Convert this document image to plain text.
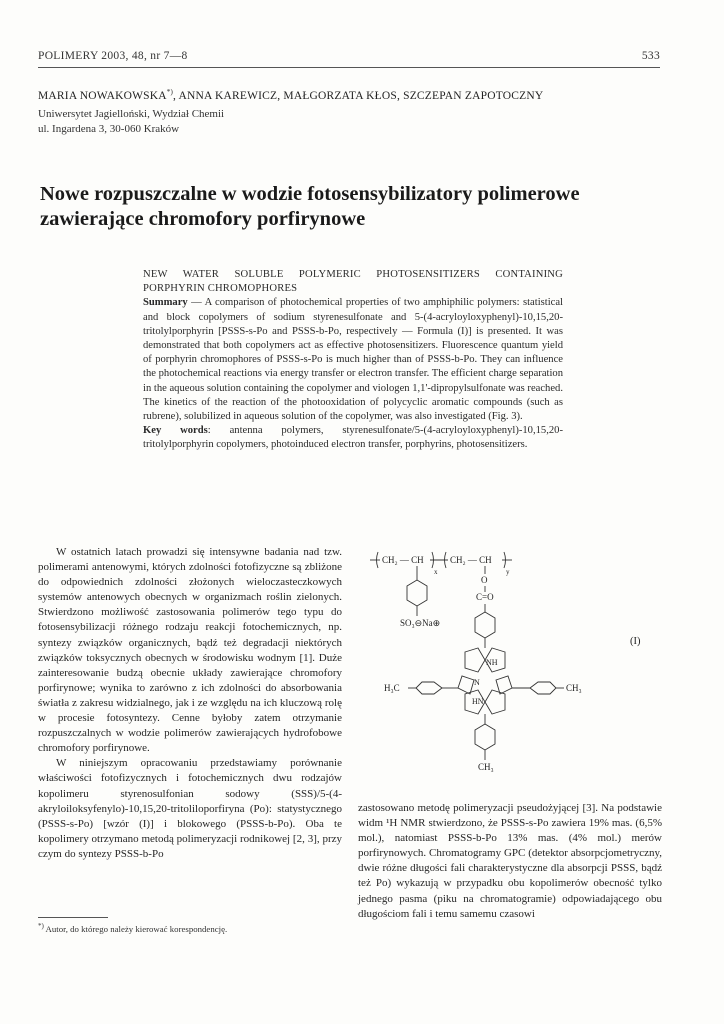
POLIMERY 2003, 48, nr 7—8	533
MARIA NOWAKOWSKA*), ANNA KAREWICZ, MAŁGORZATA KŁOS, SZCZEPAN ZAPOTOCZNY
Uniwersytet Jagielloński, Wydział Chemii
ul. Ingardena 3, 30-060 Kraków
Nowe rozpuszczalne w wodzie fotosensybilizatory polimerowe
zawierające chromofory porfirynowe

NEW WATER SOLUBLE POLYMERIC PHOTOSENSITIZERS CONTAINING PORPHYRIN CHROMOPHORES

Summary — A comparison of photochemical properties of two amphiphilic polymers: statistical and block copolymers of sodium styrenesulfonate and 5-(4-acryloyloxyphenyl)-10,15,20-tritolylporphyrin [PSSS-s-Po and PSSS-b-Po, respectively — Formula (I)] is presented. It was demonstrated that both copolymers act as effective photosensitizers. Fluorescence quantum yield of porphyrin chromophores of PSSS-s-Po is much higher than of PSSS-b-Po. They can influence the photochemical reactions via energy transfer or electron transfer. The efficient charge separation in the aqueous solution containing the copolymer and viologen 1,1'-dipropylsulfonate was reached. The kinetics of the reaction of the photooxidation of polycyclic aromatic compounds (such as rubrene), solubilized in aqueous solution of the copolymer, was also investigated (Fig. 3).

Key words: antenna polymers, styrenesulfonate/5-(4-acryloyloxyphenyl)-10,15,20-tritolylporphyrin copolymers, photoinduced electron transfer, porphyrins, photosensitizers.

W ostatnich latach prowadzi się intensywne badania nad tzw. polimerami antenowymi, których zdolności fotofizyczne są zbliżone do odpowiednich zdolności złożonych wieloczasteczkowych systemów antenowych obecnych w organizmach roślin zielonych. Stwierdzono możliwość zastosowania polimerów tego typu do fotosensybilizacji różnego rodzaju reakcji fotochemicznych, np. syntezy związków organicznych, bądź też degradacji niektórych związków toksycznych obecnych w środowisku wodnym [1]. Duże zainteresowanie budzą obecnie układy zawierające chromofory porfirynowe; wynika to zarówno z ich zdolności do absorbowania światła z zakresu widzialnego, jak i ze względu na ich kluczową rolę w procesie fotosyntezy. Cenne byłoby zatem otrzymanie rozpuszczalnych w wodzie polimerów zawierających hydrofobowe chromofory porfirynowe.

W niniejszym opracowaniu przedstawiamy porównanie właściwości fotofizycznych i fotochemicznych dwu rodzajów kopolimeru styrenosulfonian sodowy (SSS)/5-(4-akryloiloksyfenylo)-10,15,20-tritoliloporfiryna (Po): statystycznego (PSSS-s-Po) [wzór (I)] i blokowego (PSSS-b-Po). Oba te kopolimery otrzymano metodą polimeryzacji rodnikowej [2, 3], przy czym do syntezy PSSS-b-Po

CH₂ — CH	CH₂ — CH
x	y
SO₃⊖Na⊕
O
C=O
NH
HN
N
H₃C	CH₃
CH₃
(I)

zastosowano metodę polimeryzacji pseudożyjącej [3]. Na podstawie widm ¹H NMR stwierdzono, że PSSS-s-Po zawiera 19% mas. (6,5% mol.), natomiast PSSS-b-Po 13% mas. (4% mol.) merów porfirynowych. Chromatogramy GPC (detektor absorpcjometryczny, dwie różne długości fali charakterystyczne dla absorpcji PSSS, bądź też Po) wykazują w przypadku obu kopolimerów obecność tylko jednego pasma (piku na chromatogramie) odpowiadającego obu długościom fali i temu samemu czasowi

*) Autor, do którego należy kierować korespondencję.
